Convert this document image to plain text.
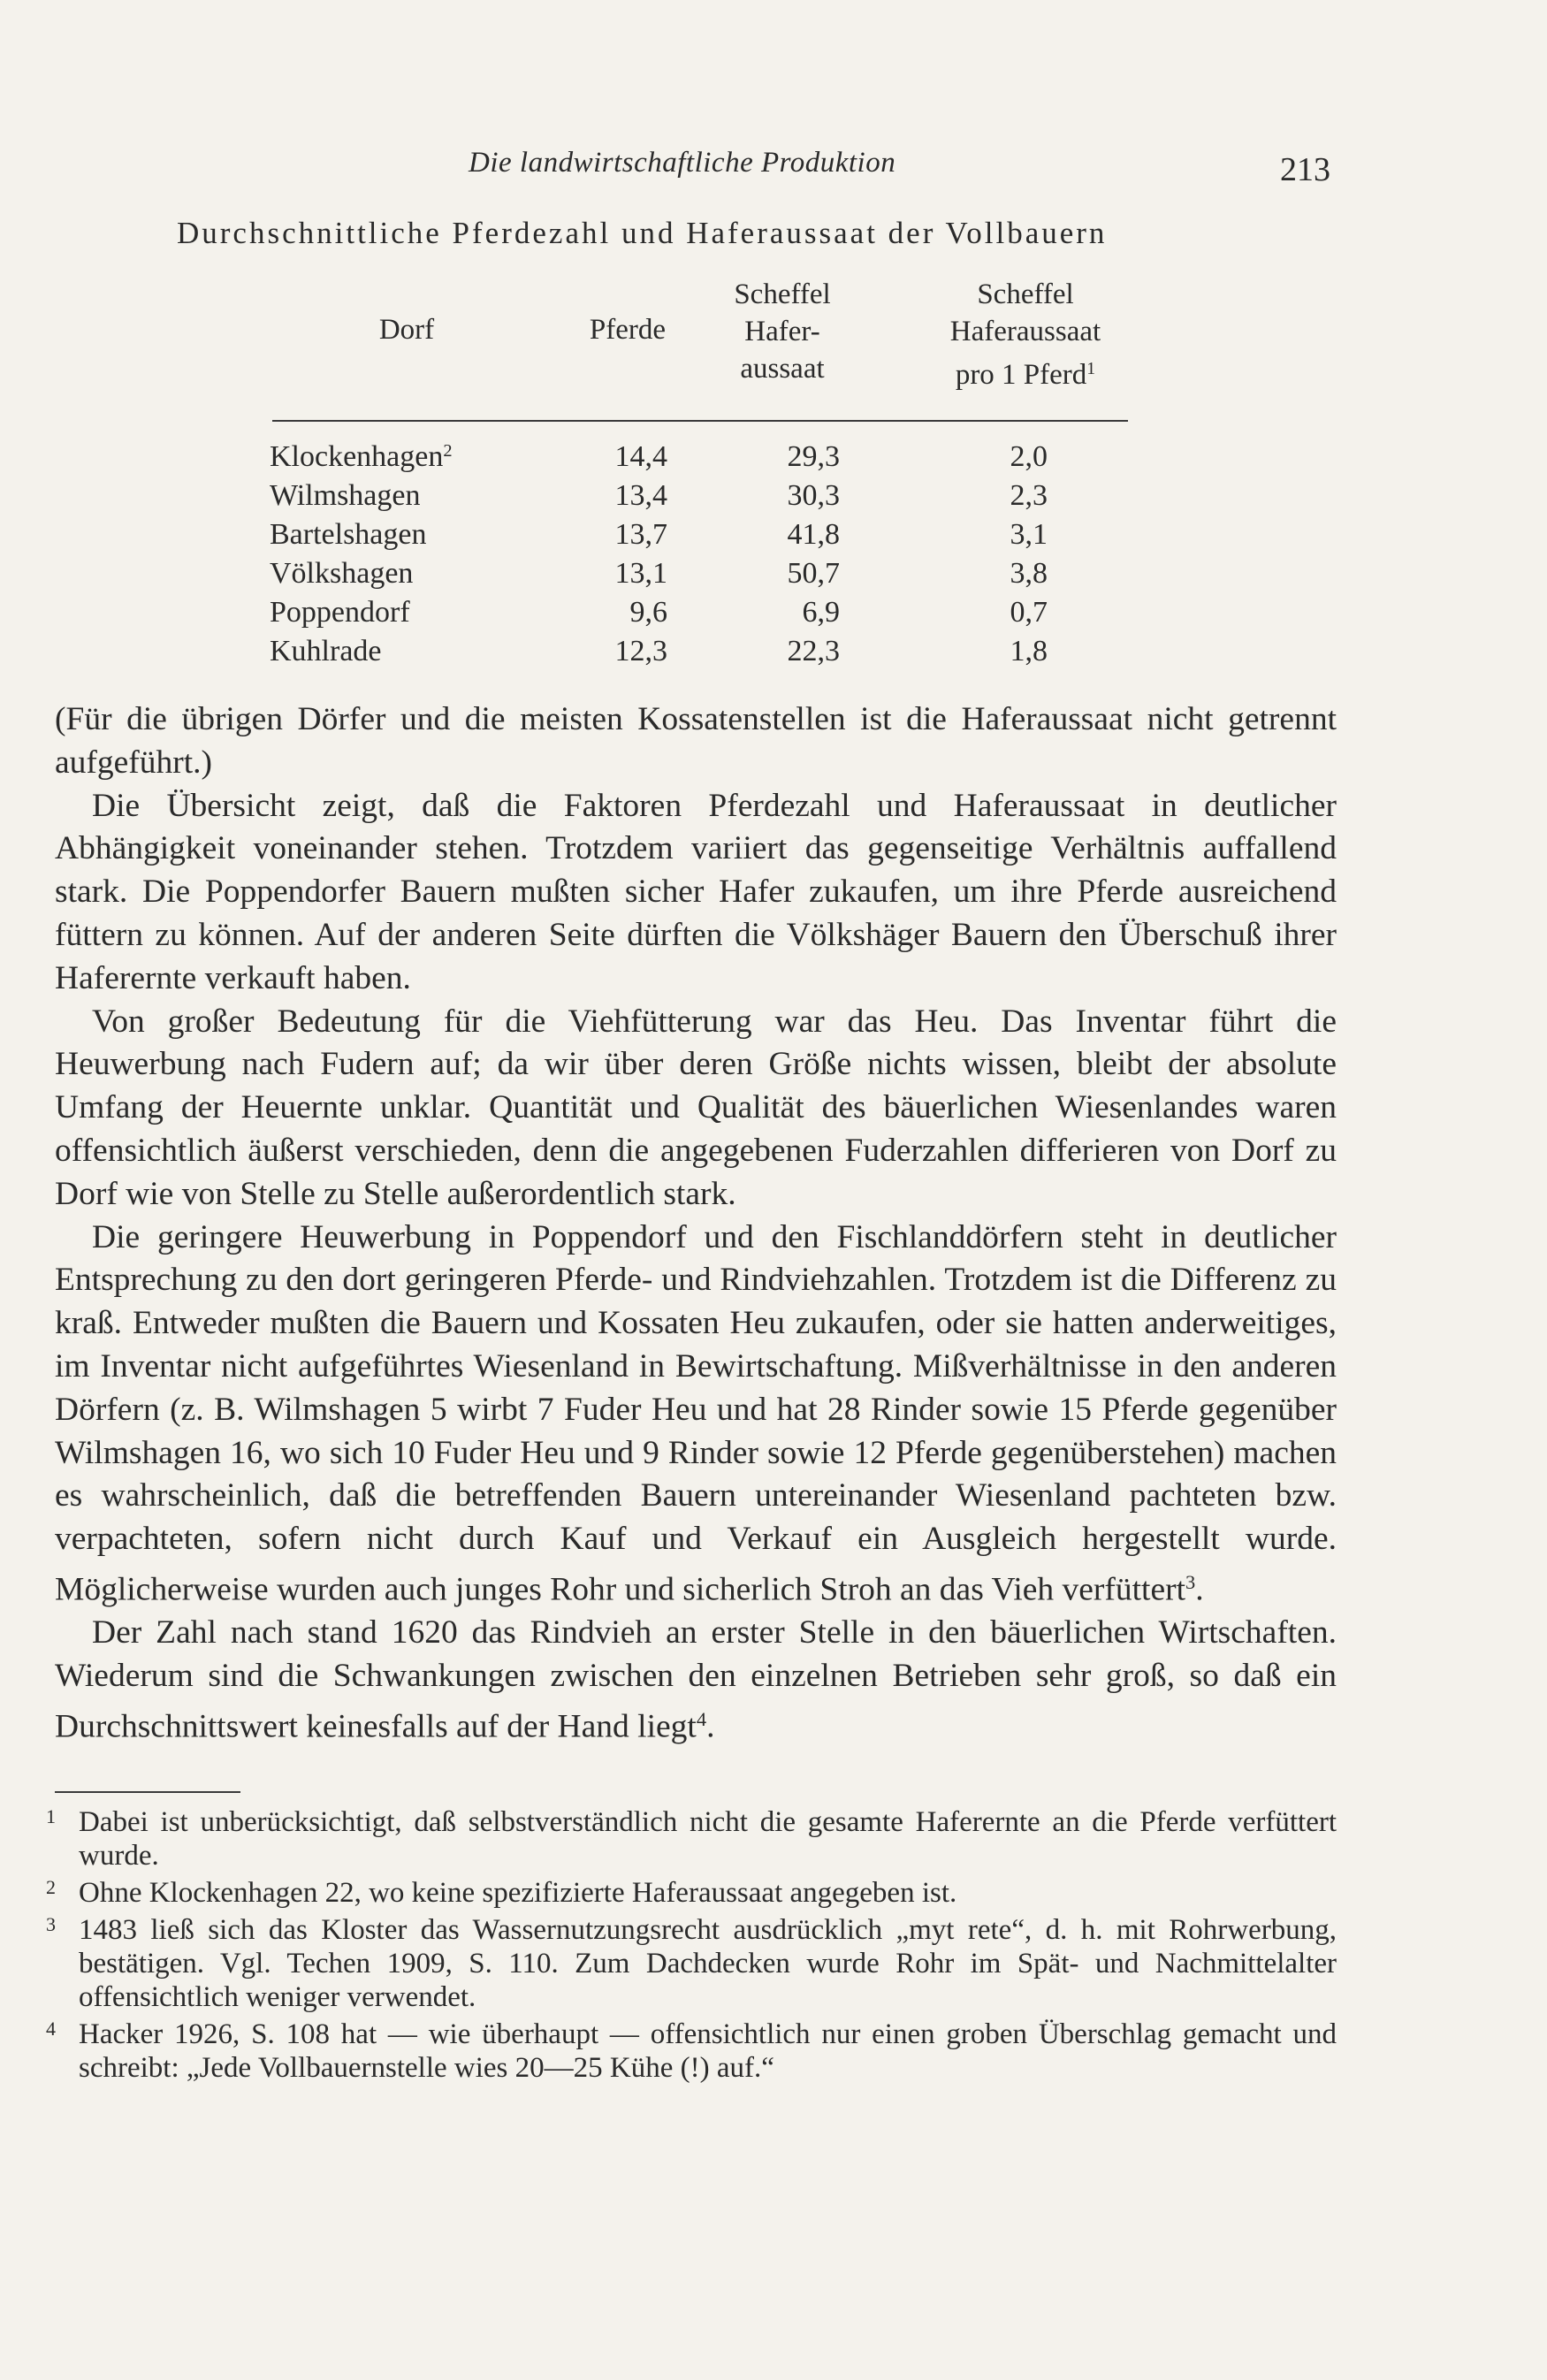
Die landwirtschaftliche Produktion	213
Durchschnittliche Pferdezahl und Haferaussaat der Vollbauern
Dorf	Pferde
Scheffel
Hafer-
aussaat
Scheffel
Haferaussaat
pro 1 Pferd$^1$
Klockenhagen$^2$	14,4	29,3	2,0
Wilmshagen	13,4	30,3	2,3
Bartelshagen	13,7	41,8	3,1
Völkshagen	13,1	50,7	3,8
Poppendorf	9,6	6,9	0,7
Kuhlrade	12,3	22,3	1,8

(Für die übrigen Dörfer und die meisten Kossatenstellen ist die Haferaussaat nicht getrennt aufgeführt.)

Die Übersicht zeigt, daß die Faktoren Pferdezahl und Haferaussaat in deutlicher Abhängigkeit voneinander stehen. Trotzdem variiert das gegenseitige Verhältnis auffallend stark. Die Poppendorfer Bauern mußten sicher Hafer zukaufen, um ihre Pferde ausreichend füttern zu können. Auf der anderen Seite dürften die Völkshäger Bauern den Überschuß ihrer Haferernte verkauft haben.

Von großer Bedeutung für die Viehfütterung war das Heu. Das Inventar führt die Heuwerbung nach Fudern auf; da wir über deren Größe nichts wissen, bleibt der absolute Umfang der Heuernte unklar. Quantität und Qualität des bäuerlichen Wiesenlandes waren offensichtlich äußerst verschieden, denn die angegebenen Fuderzahlen differieren von Dorf zu Dorf wie von Stelle zu Stelle außerordentlich stark.

Die geringere Heuwerbung in Poppendorf und den Fischlanddörfern steht in deutlicher Entsprechung zu den dort geringeren Pferde- und Rindviehzahlen. Trotzdem ist die Differenz zu kraß. Entweder mußten die Bauern und Kossaten Heu zukaufen, oder sie hatten anderweitiges, im Inventar nicht aufgeführtes Wiesenland in Bewirtschaftung. Mißverhältnisse in den anderen Dörfern (z. B. Wilmshagen 5 wirbt 7 Fuder Heu und hat 28 Rinder sowie 15 Pferde gegenüber Wilmshagen 16, wo sich 10 Fuder Heu und 9 Rinder sowie 12 Pferde gegenüberstehen) machen es wahrscheinlich, daß die betreffenden Bauern untereinander Wiesenland pachteten bzw. verpachteten, sofern nicht durch Kauf und Verkauf ein Ausgleich hergestellt wurde. Möglicherweise wurden auch junges Rohr und sicherlich Stroh an das Vieh verfüttert$^3$.

Der Zahl nach stand 1620 das Rindvieh an erster Stelle in den bäuerlichen Wirtschaften. Wiederum sind die Schwankungen zwischen den einzelnen Betrieben sehr groß, so daß ein Durchschnittswert keinesfalls auf der Hand liegt$^4$.

1 Dabei ist unberücksichtigt, daß selbstverständlich nicht die gesamte Haferernte an die Pferde verfüttert wurde.
2 Ohne Klockenhagen 22, wo keine spezifizierte Haferaussaat angegeben ist.
3 1483 ließ sich das Kloster das Wassernutzungsrecht ausdrücklich „myt rete“, d. h. mit Rohrwerbung, bestätigen. Vgl. Techen 1909, S. 110. Zum Dachdecken wurde Rohr im Spät- und Nachmittelalter offensichtlich weniger verwendet.
4 Hacker 1926, S. 108 hat — wie überhaupt — offensichtlich nur einen groben Überschlag gemacht und schreibt: „Jede Vollbauernstelle wies 20—25 Kühe (!) auf.“
